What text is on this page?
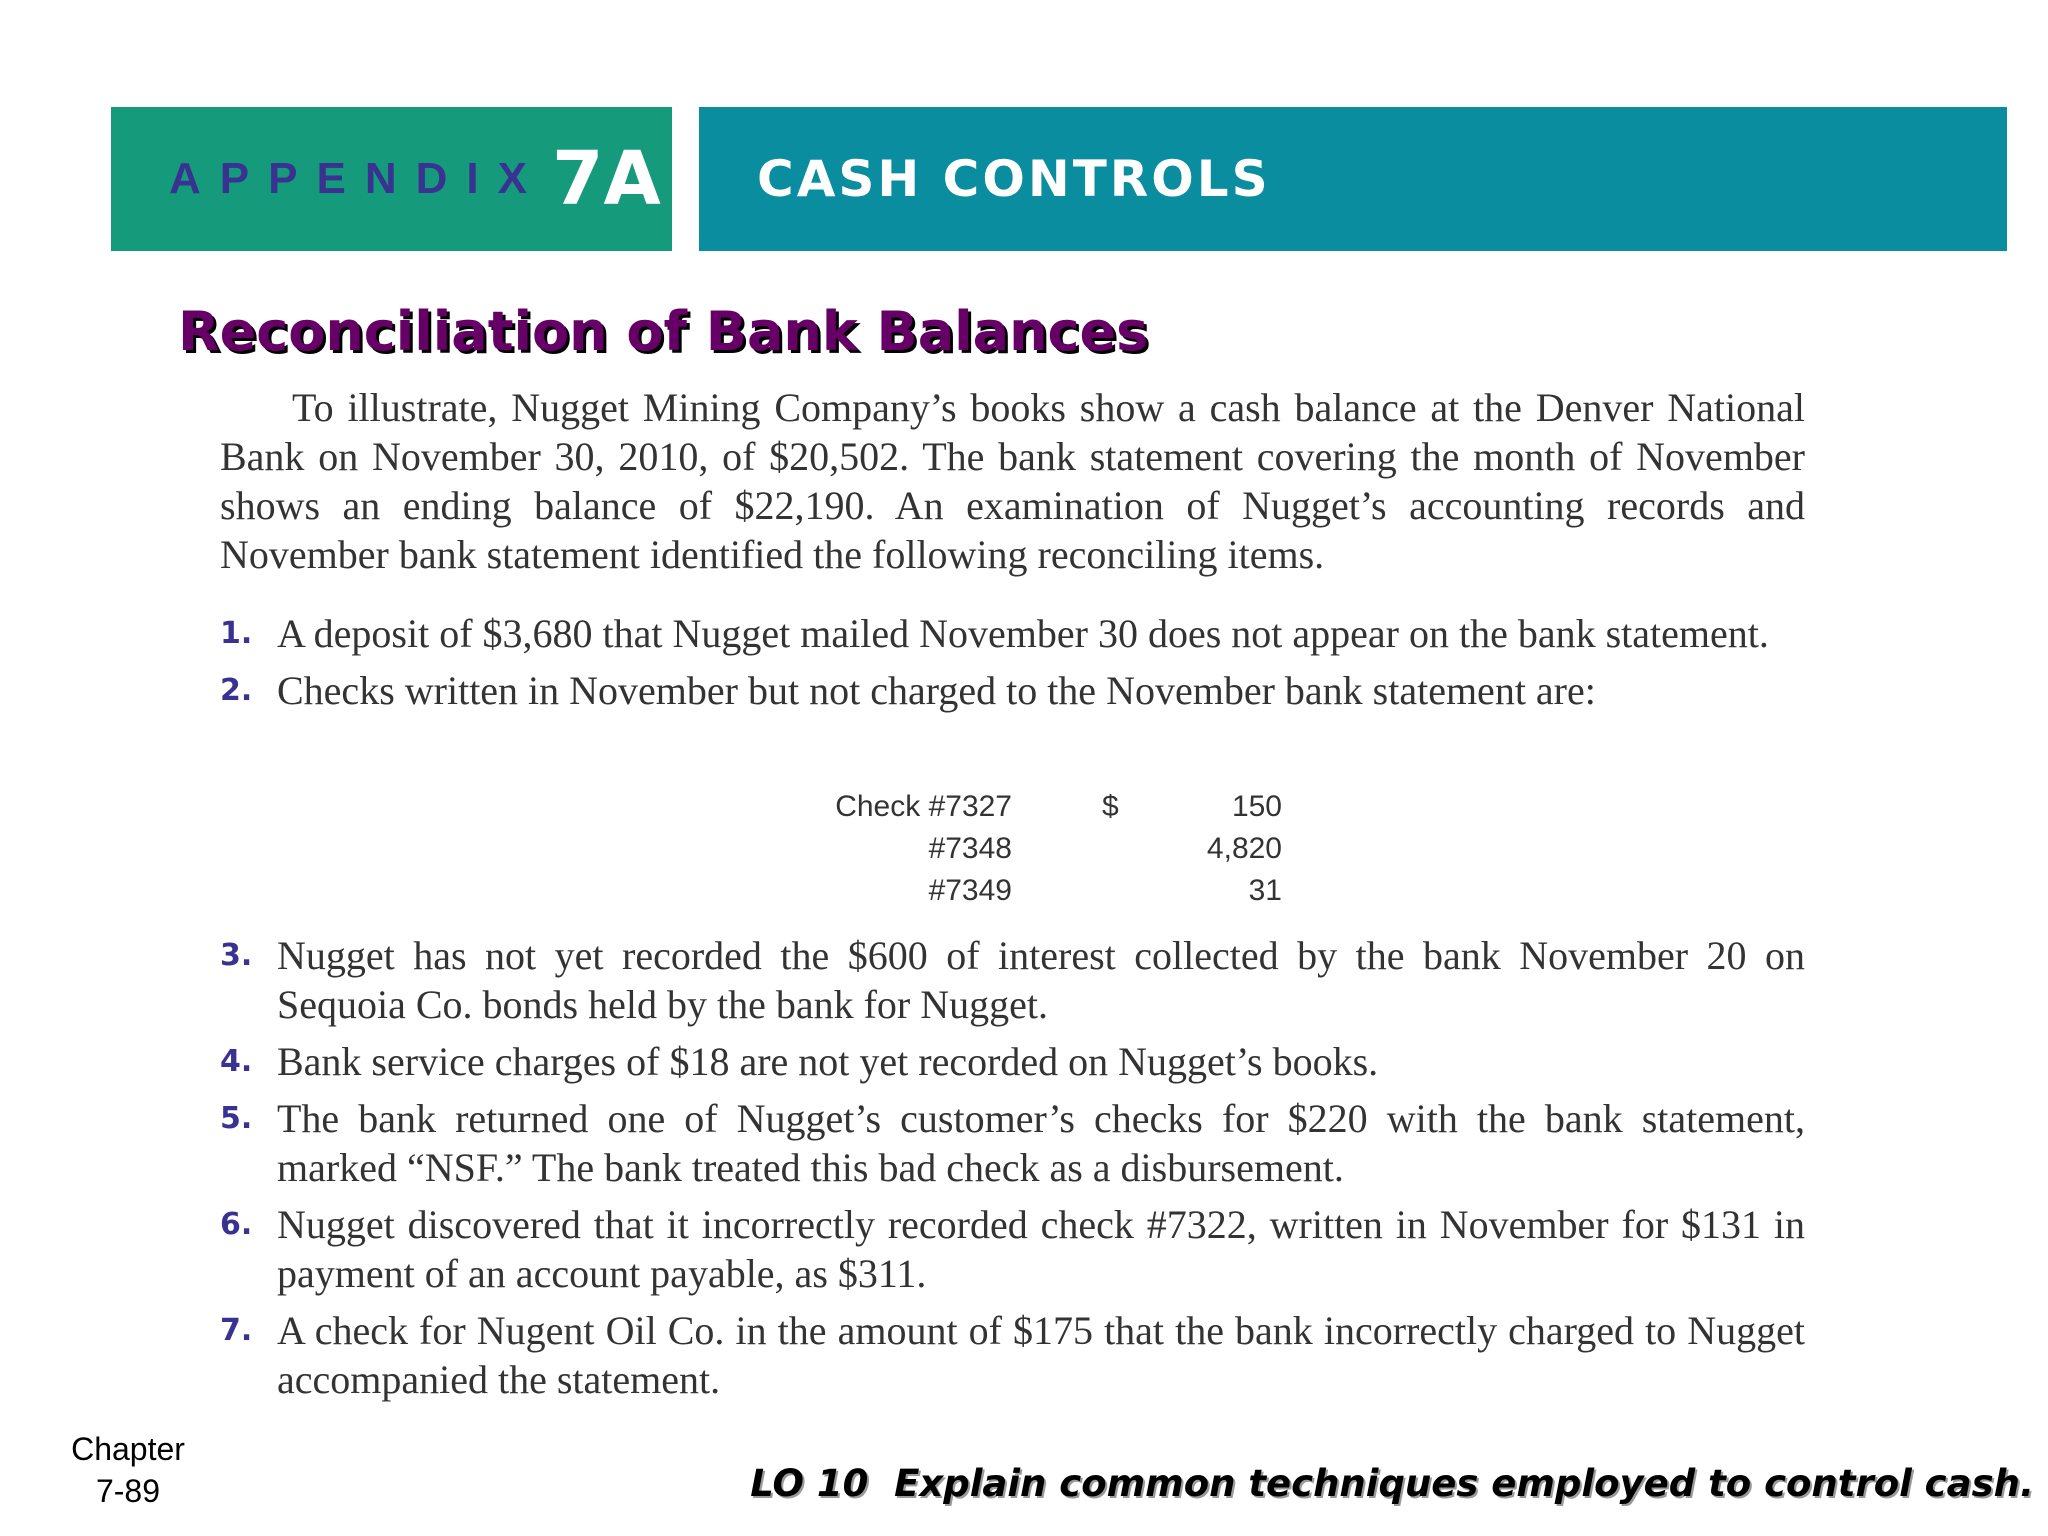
APPENDIX 7A CASH CONTROLS
Reconciliation of Bank Balances

To illustrate, Nugget Mining Company’s books show a cash balance at the Denver National Bank on November 30, 2010, of $20,502. The bank statement covering the month of November shows an ending balance of $22,190. An examination of Nugget’s accounting records and November bank statement identified the following reconciling items.

1. A deposit of $3,680 that Nugget mailed November 30 does not appear on the bank statement.
2. Checks written in November but not charged to the November bank statement are:
Check #7327	$	150
#7348		4,820
#7349		31
3. Nugget has not yet recorded the $600 of interest collected by the bank November 20 on Sequoia Co. bonds held by the bank for Nugget.
4. Bank service charges of $18 are not yet recorded on Nugget’s books.
5. The bank returned one of Nugget’s customer’s checks for $220 with the bank statement, marked “NSF.” The bank treated this bad check as a disbursement.
6. Nugget discovered that it incorrectly recorded check #7322, written in November for $131 in payment of an account payable, as $311.
7. A check for Nugent Oil Co. in the amount of $175 that the bank incorrectly charged to Nugget accompanied the statement.
Chapter
7-89	LO 10  Explain common techniques employed to control cash.
